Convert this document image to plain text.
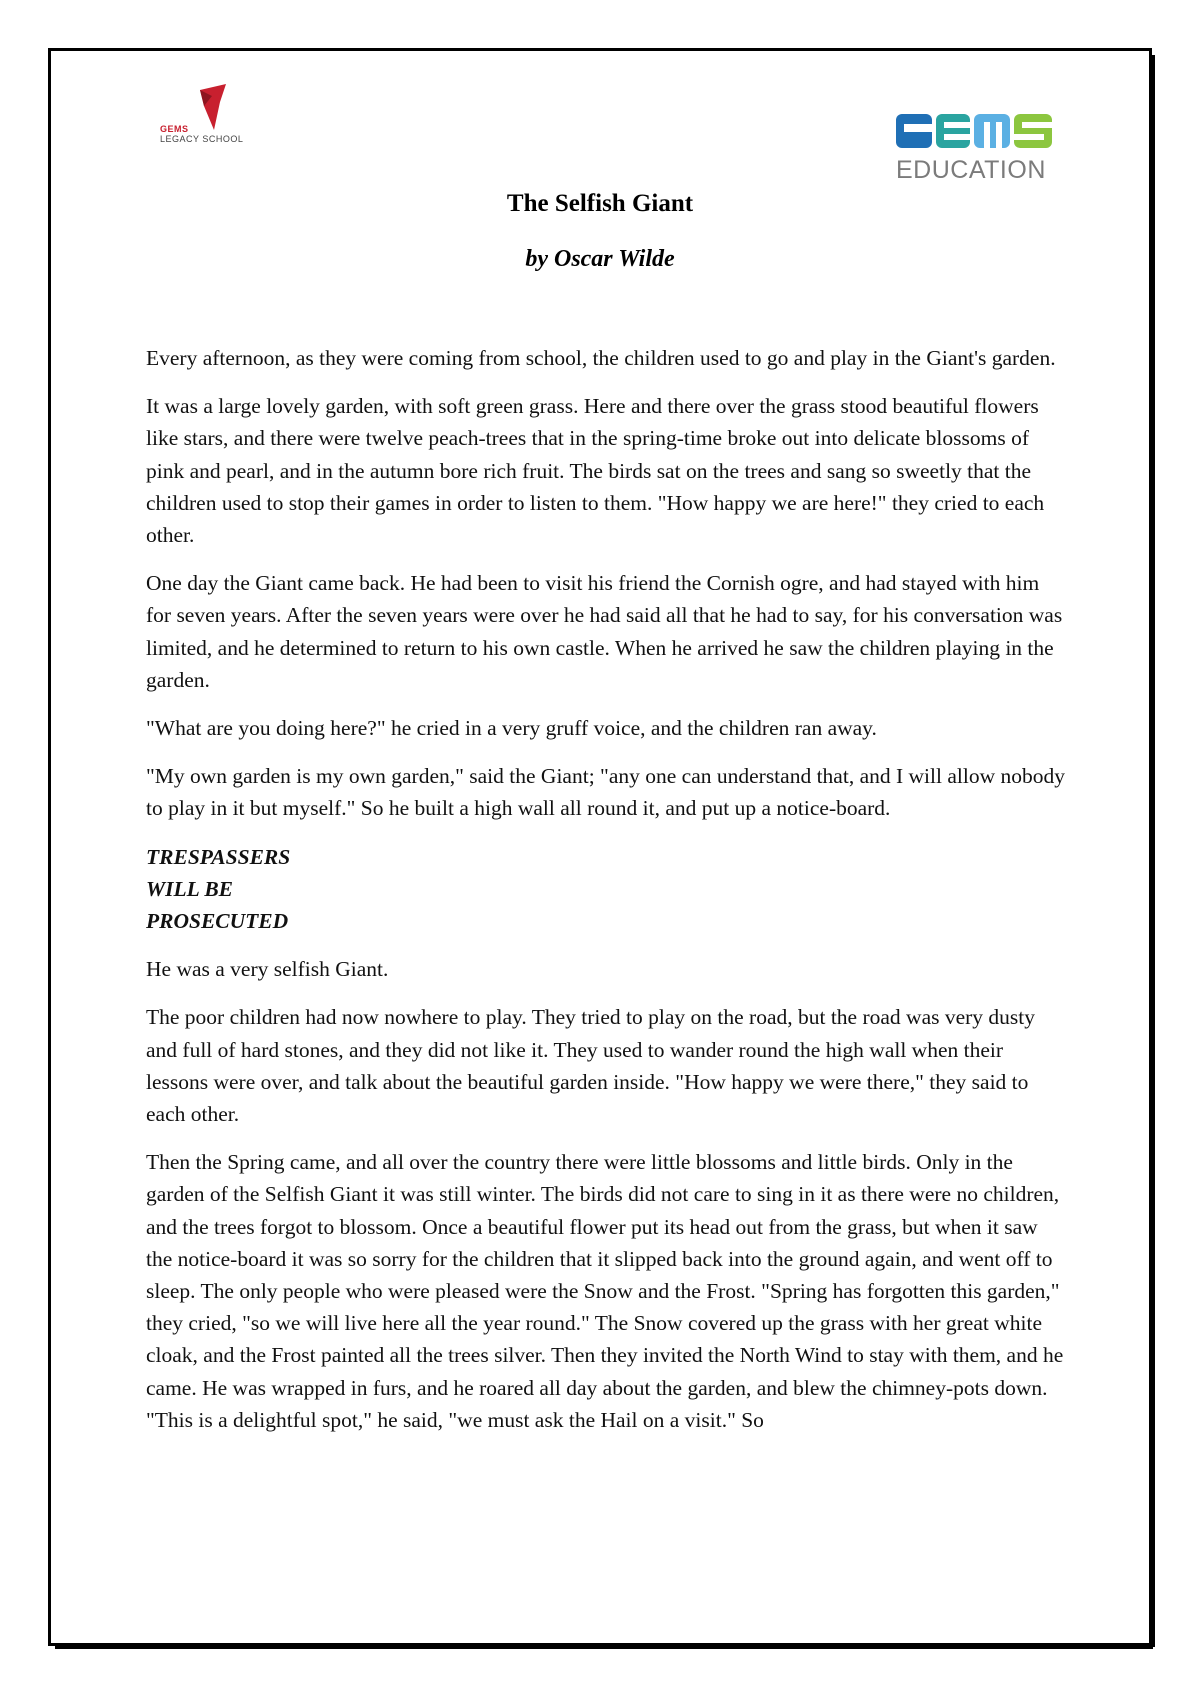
GEMS
LEGACY SCHOOL
EDUCATION
The Selfish Giant
by Oscar Wilde

Every afternoon, as they were coming from school, the children used to go and play in the Giant's garden.

It was a large lovely garden, with soft green grass. Here and there over the grass stood beautiful flowers like stars, and there were twelve peach-trees that in the spring-time broke out into delicate blossoms of pink and pearl, and in the autumn bore rich fruit. The birds sat on the trees and sang so sweetly that the children used to stop their games in order to listen to them. "How happy we are here!" they cried to each other.

One day the Giant came back. He had been to visit his friend the Cornish ogre, and had stayed with him for seven years. After the seven years were over he had said all that he had to say, for his conversation was limited, and he determined to return to his own castle. When he arrived he saw the children playing in the garden.

"What are you doing here?" he cried in a very gruff voice, and the children ran away.

"My own garden is my own garden," said the Giant; "any one can understand that, and I will allow nobody to play in it but myself." So he built a high wall all round it, and put up a notice-board.

TRESPASSERS
WILL BE
PROSECUTED

He was a very selfish Giant.

The poor children had now nowhere to play. They tried to play on the road, but the road was very dusty and full of hard stones, and they did not like it. They used to wander round the high wall when their lessons were over, and talk about the beautiful garden inside. "How happy we were there," they said to each other.

Then the Spring came, and all over the country there were little blossoms and little birds. Only in the garden of the Selfish Giant it was still winter. The birds did not care to sing in it as there were no children, and the trees forgot to blossom. Once a beautiful flower put its head out from the grass, but when it saw the notice-board it was so sorry for the children that it slipped back into the ground again, and went off to sleep. The only people who were pleased were the Snow and the Frost. "Spring has forgotten this garden," they cried, "so we will live here all the year round." The Snow covered up the grass with her great white cloak, and the Frost painted all the trees silver. Then they invited the North Wind to stay with them, and he came. He was wrapped in furs, and he roared all day about the garden, and blew the chimney-pots down. "This is a delightful spot," he said, "we must ask the Hail on a visit." So
